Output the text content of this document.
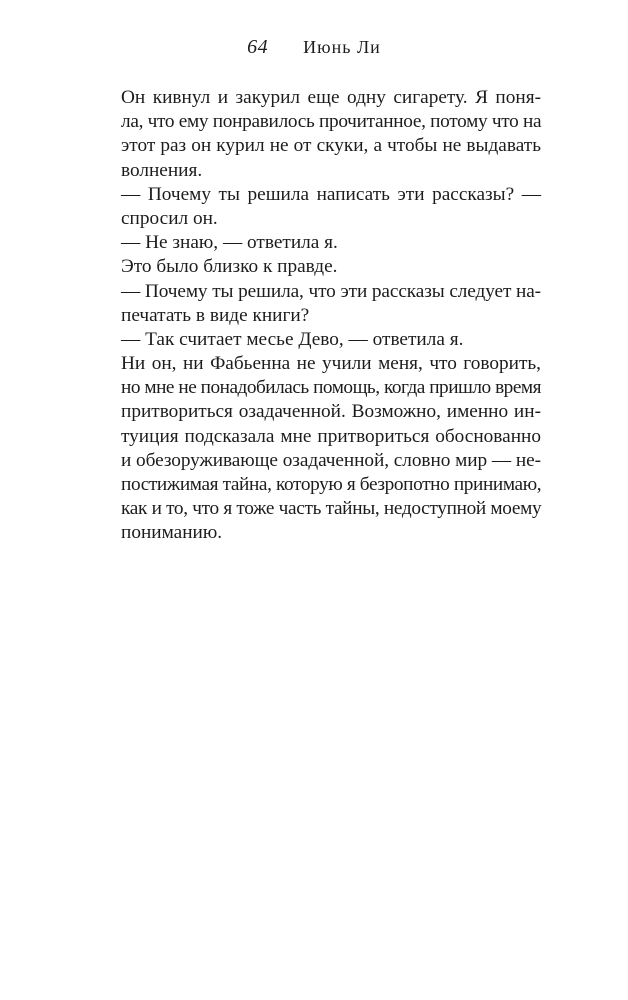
64 Июнь Ли
Он кивнул и закурил еще одну сигарету. Я поня-
ла, что ему понравилось прочитанное, потому что на
этот раз он курил не от скуки, а чтобы не выдавать
волнения.
— Почему ты решила написать эти рассказы? —
спросил он.
— Не знаю, — ответила я.
Это было близко к правде.
— Почему ты решила, что эти рассказы следует на-
печатать в виде книги?
— Так считает месье Дево, — ответила я.
Ни он, ни Фабьенна не учили меня, что говорить,
но мне не понадобилась помощь, когда пришло время
притвориться озадаченной. Возможно, именно ин-
туиция подсказала мне притвориться обоснованно
и обезоруживающе озадаченной, словно мир — не-
постижимая тайна, которую я безропотно принимаю,
как и то, что я тоже часть тайны, недоступной моему
пониманию.
